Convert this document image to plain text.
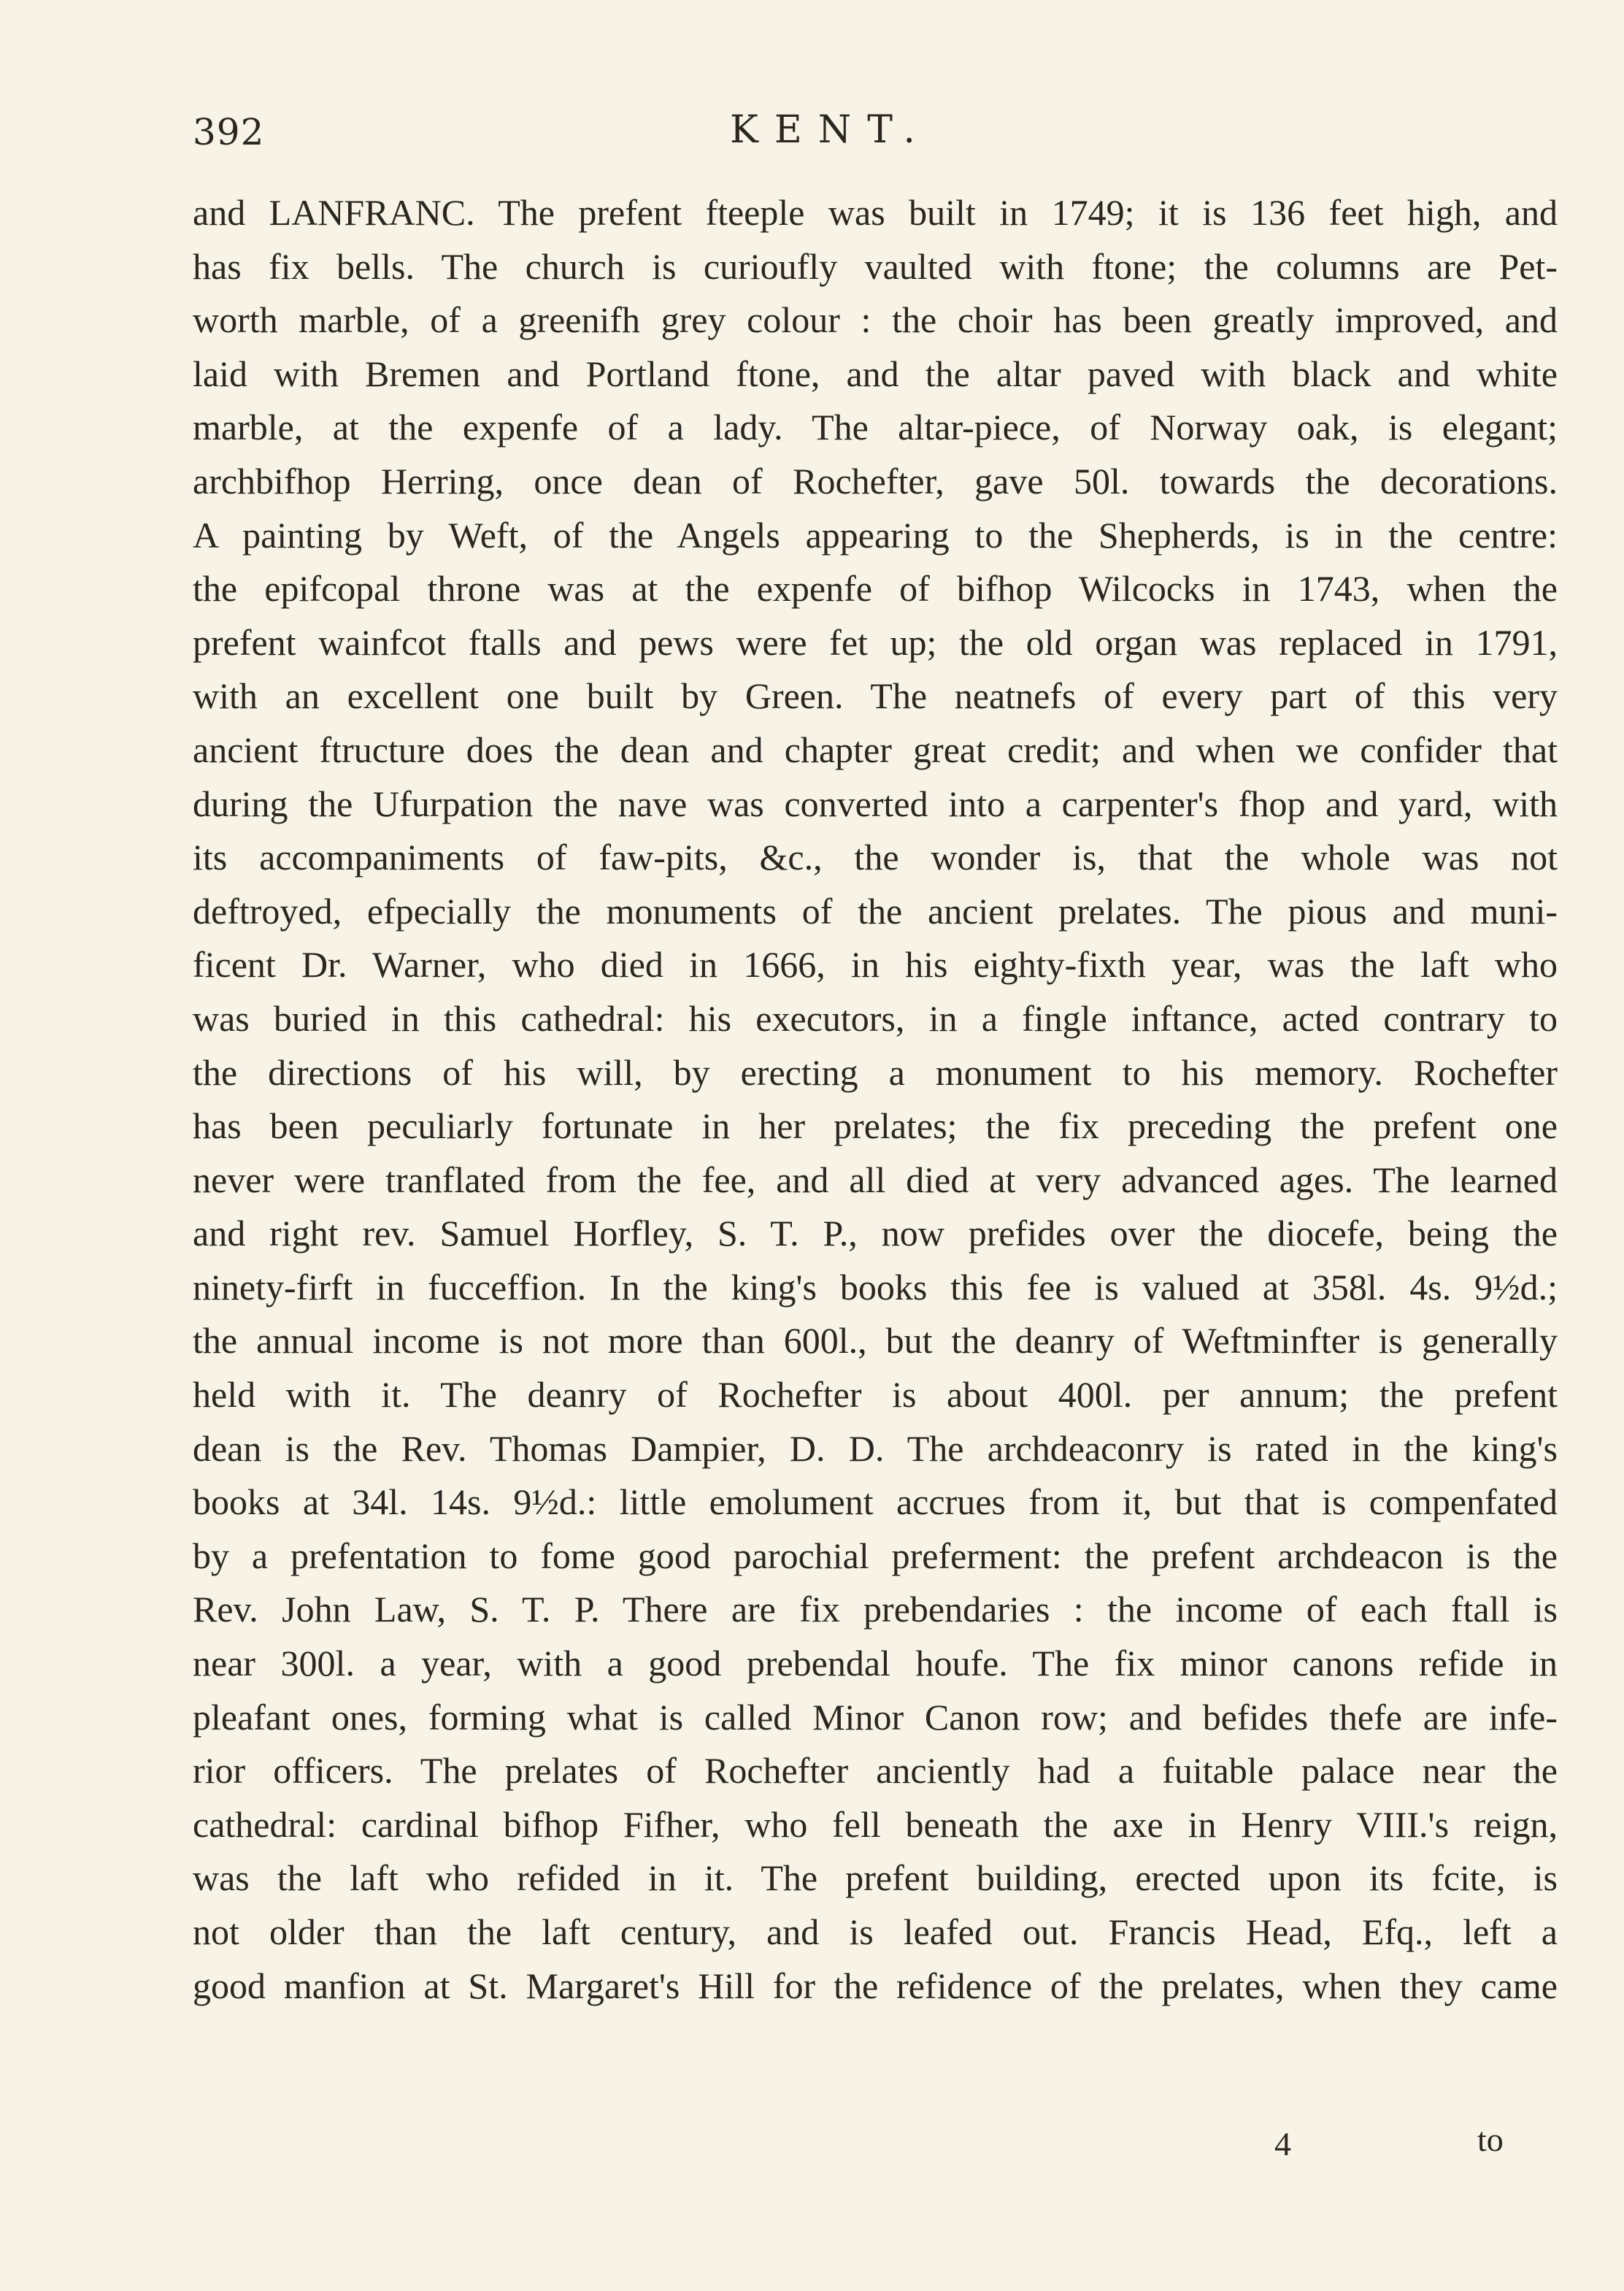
392	KENT.
and LANFRANC. The prefent fteeple was built in 1749; it is 136 feet high, and
has fix bells. The church is curioufly vaulted with ftone; the columns are Pet-
worth marble, of a greenifh grey colour : the choir has been greatly improved, and
laid with Bremen and Portland ftone, and the altar paved with black and white
marble, at the expenfe of a lady. The altar-piece, of Norway oak, is elegant;
archbifhop Herring, once dean of Rochefter, gave 50l. towards the decorations.
A painting by Weft, of the Angels appearing to the Shepherds, is in the centre:
the epifcopal throne was at the expenfe of bifhop Wilcocks in 1743, when the
prefent wainfcot ftalls and pews were fet up; the old organ was replaced in 1791,
with an excellent one built by Green. The neatnefs of every part of this very
ancient ftructure does the dean and chapter great credit; and when we confider that
during the Ufurpation the nave was converted into a carpenter's fhop and yard, with
its accompaniments of faw-pits, &c., the wonder is, that the whole was not
deftroyed, efpecially the monuments of the ancient prelates. The pious and muni-
ficent Dr. Warner, who died in 1666, in his eighty-fixth year, was the laft who
was buried in this cathedral: his executors, in a fingle inftance, acted contrary to
the directions of his will, by erecting a monument to his memory. Rochefter
has been peculiarly fortunate in her prelates; the fix preceding the prefent one
never were tranflated from the fee, and all died at very advanced ages. The learned
and right rev. Samuel Horfley, S. T. P., now prefides over the diocefe, being the
ninety-firft in fucceffion. In the king's books this fee is valued at 358l. 4s. 9½d.;
the annual income is not more than 600l., but the deanry of Weftminfter is generally
held with it. The deanry of Rochefter is about 400l. per annum; the prefent
dean is the Rev. Thomas Dampier, D. D. The archdeaconry is rated in the king's
books at 34l. 14s. 9½d.: little emolument accrues from it, but that is compenfated
by a prefentation to fome good parochial preferment: the prefent archdeacon is the
Rev. John Law, S. T. P. There are fix prebendaries : the income of each ftall is
near 300l. a year, with a good prebendal houfe. The fix minor canons refide in
pleafant ones, forming what is called Minor Canon row; and befides thefe are infe-
rior officers. The prelates of Rochefter anciently had a fuitable palace near the
cathedral: cardinal bifhop Fifher, who fell beneath the axe in Henry VIII.'s reign,
was the laft who refided in it. The prefent building, erected upon its fcite, is
not older than the laft century, and is leafed out. Francis Head, Efq., left a
good manfion at St. Margaret's Hill for the refidence of the prelates, when they came
4	to
